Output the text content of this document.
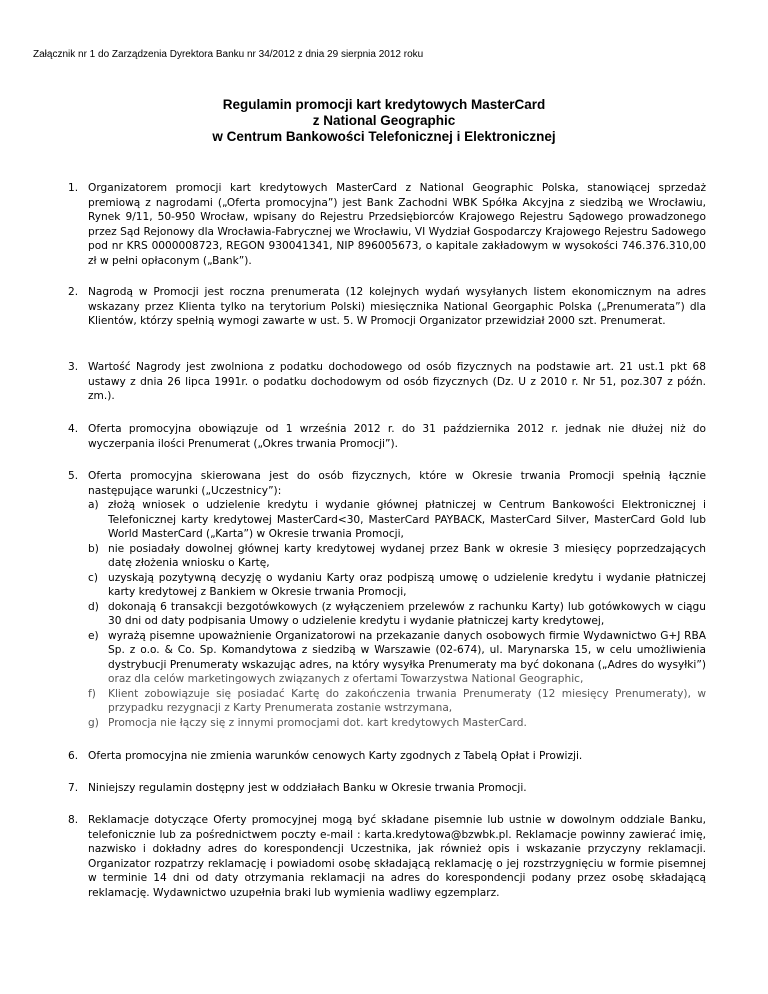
Załącznik nr 1 do Zarządzenia Dyrektora Banku nr 34/2012 z dnia 29 sierpnia 2012 roku
Regulamin promocji kart kredytowych MasterCard
z National Geographic
w Centrum Bankowości Telefonicznej i Elektronicznej
1. Organizatorem promocji kart kredytowych MasterCard z National Geographic Polska, stanowiącej sprzedaż premiową z nagrodami („Oferta promocyjna”) jest Bank Zachodni WBK Spółka Akcyjna z siedzibą we Wrocławiu, Rynek 9/11, 50-950 Wrocław, wpisany do Rejestru Przedsiębiorców Krajowego Rejestru Sądowego prowadzonego przez Sąd Rejonowy dla Wrocławia-Fabrycznej we Wrocławiu, VI Wydział Gospodarczy Krajowego Rejestru Sadowego pod nr KRS 0000008723, REGON 930041341, NIP 896005673, o kapitale zakładowym w wysokości 746.376.310,00 zł w pełni opłaconym („Bank”).
2. Nagrodą w Promocji jest roczna prenumerata (12 kolejnych wydań wysyłanych listem ekonomicznym na adres wskazany przez Klienta tylko na terytorium Polski) miesięcznika National Georgaphic Polska („Prenumerata”) dla Klientów, którzy spełnią wymogi zawarte w ust. 5. W Promocji Organizator przewidział 2000 szt. Prenumerat.
3. Wartość Nagrody jest zwolniona z podatku dochodowego od osób fizycznych na podstawie art. 21 ust.1 pkt 68 ustawy z dnia 26 lipca 1991r. o podatku dochodowym od osób fizycznych (Dz. U z 2010 r. Nr 51, poz.307 z późn. zm.).
4. Oferta promocyjna obowiązuje od 1 września 2012 r. do 31 października 2012 r. jednak nie dłużej niż do wyczerpania ilości Prenumerat („Okres trwania Promocji”).
5. Oferta promocyjna skierowana jest do osób fizycznych, które w Okresie trwania Promocji spełnią łącznie następujące warunki („Uczestnicy”):
a) złożą wniosek o udzielenie kredytu i wydanie głównej płatniczej w Centrum Bankowości Elektronicznej i Telefonicznej karty kredytowej MasterCard<30, MasterCard PAYBACK, MasterCard Silver, MasterCard Gold lub World MasterCard („Karta”) w Okresie trwania Promocji,
b) nie posiadały dowolnej głównej karty kredytowej wydanej przez Bank w okresie 3 miesięcy poprzedzających datę złożenia wniosku o Kartę,
c) uzyskają pozytywną decyzję o wydaniu Karty oraz podpiszą umowę o udzielenie kredytu i wydanie płatniczej karty kredytowej z Bankiem w Okresie trwania Promocji,
d) dokonają 6 transakcji bezgotówkowych (z wyłączeniem przelewów z rachunku Karty) lub gotówkowych w ciągu 30 dni od daty podpisania Umowy o udzielenie kredytu i wydanie płatniczej karty kredytowej,
e) wyrażą pisemne upoważnienie Organizatorowi na przekazanie danych osobowych firmie Wydawnictwo G+J RBA Sp. z o.o. & Co. Sp. Komandytowa z siedzibą w Warszawie (02-674), ul. Marynarska 15, w celu umożliwienia dystrybucji Prenumeraty wskazując adres, na który wysyłka Prenumeraty ma być dokonana („Adres do wysyłki”) oraz dla celów marketingowych związanych z ofertami Towarzystwa National Geographic,
f) Klient zobowiązuje się posiadać Kartę do zakończenia trwania Prenumeraty (12 miesięcy Prenumeraty), w przypadku rezygnacji z Karty Prenumerata zostanie wstrzymana,
g) Promocja nie łączy się z innymi promocjami dot. kart kredytowych MasterCard.
6. Oferta promocyjna nie zmienia warunków cenowych Karty zgodnych z Tabelą Opłat i Prowizji.
7. Niniejszy regulamin dostępny jest w oddziałach Banku w Okresie trwania Promocji.
8. Reklamacje dotyczące Oferty promocyjnej mogą być składane pisemnie lub ustnie w dowolnym oddziale Banku, telefonicznie lub za pośrednictwem poczty e-mail : karta.kredytowa@bzwbk.pl. Reklamacje powinny zawierać imię, nazwisko i dokładny adres do korespondencji Uczestnika, jak również opis i wskazanie przyczyny reklamacji. Organizator rozpatrzy reklamację i powiadomi osobę składającą reklamację o jej rozstrzygnięciu w formie pisemnej w terminie 14 dni od daty otrzymania reklamacji na adres do korespondencji podany przez osobę składającą reklamację. Wydawnictwo uzupełnia braki lub wymienia wadliwy egzemplarz.
